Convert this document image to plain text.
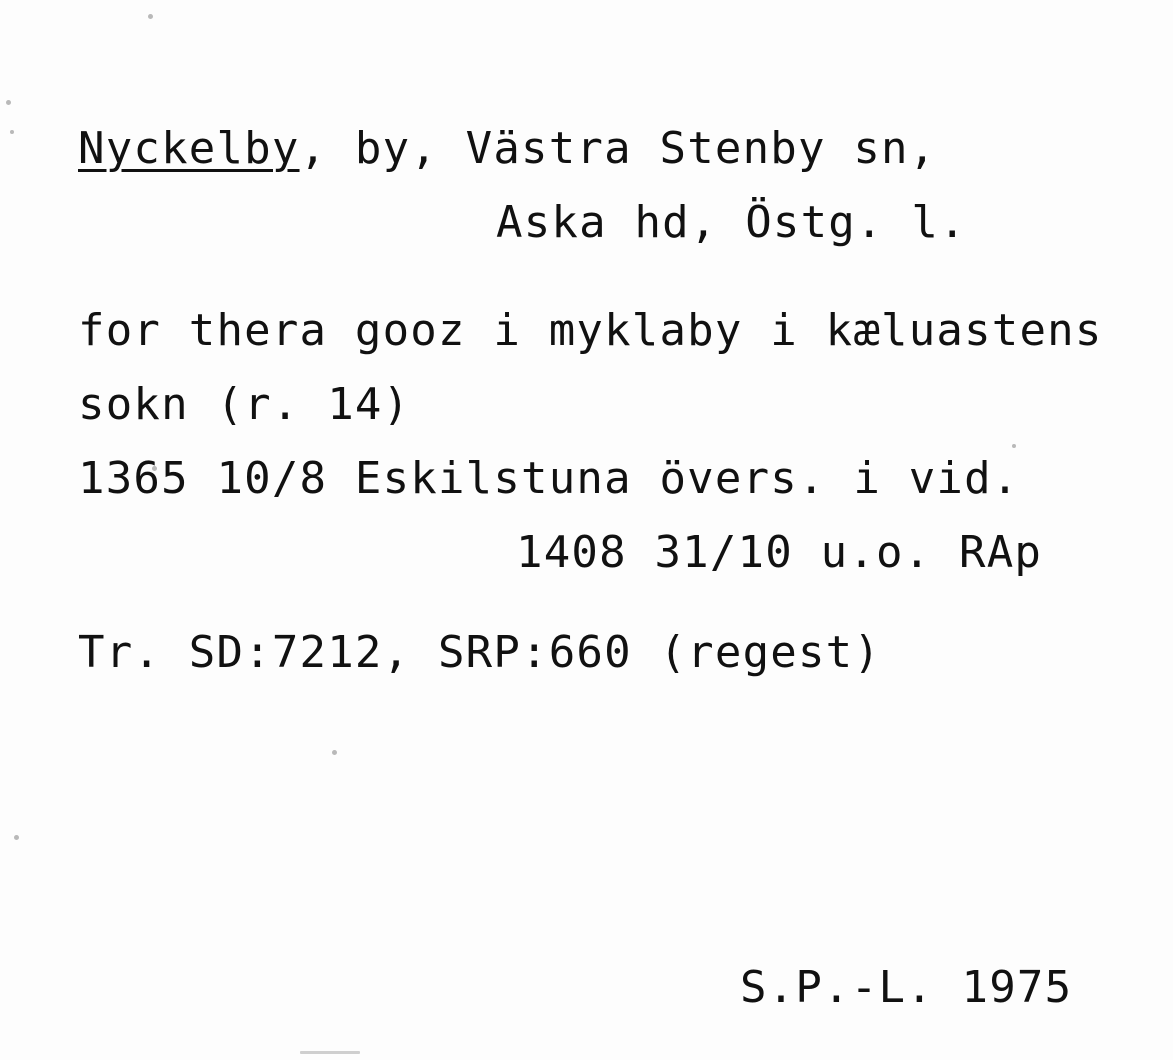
Nyckelby, by, Västra Stenby sn,
Aska hd, Östg. l.
for thera gooz i myklaby i kæluastens
sokn (r. 14)
1365 10/8 Eskilstuna övers. i vid.
1408 31/10 u.o. RAp
Tr. SD:7212, SRP:660 (regest)
S.P.-L. 1975
